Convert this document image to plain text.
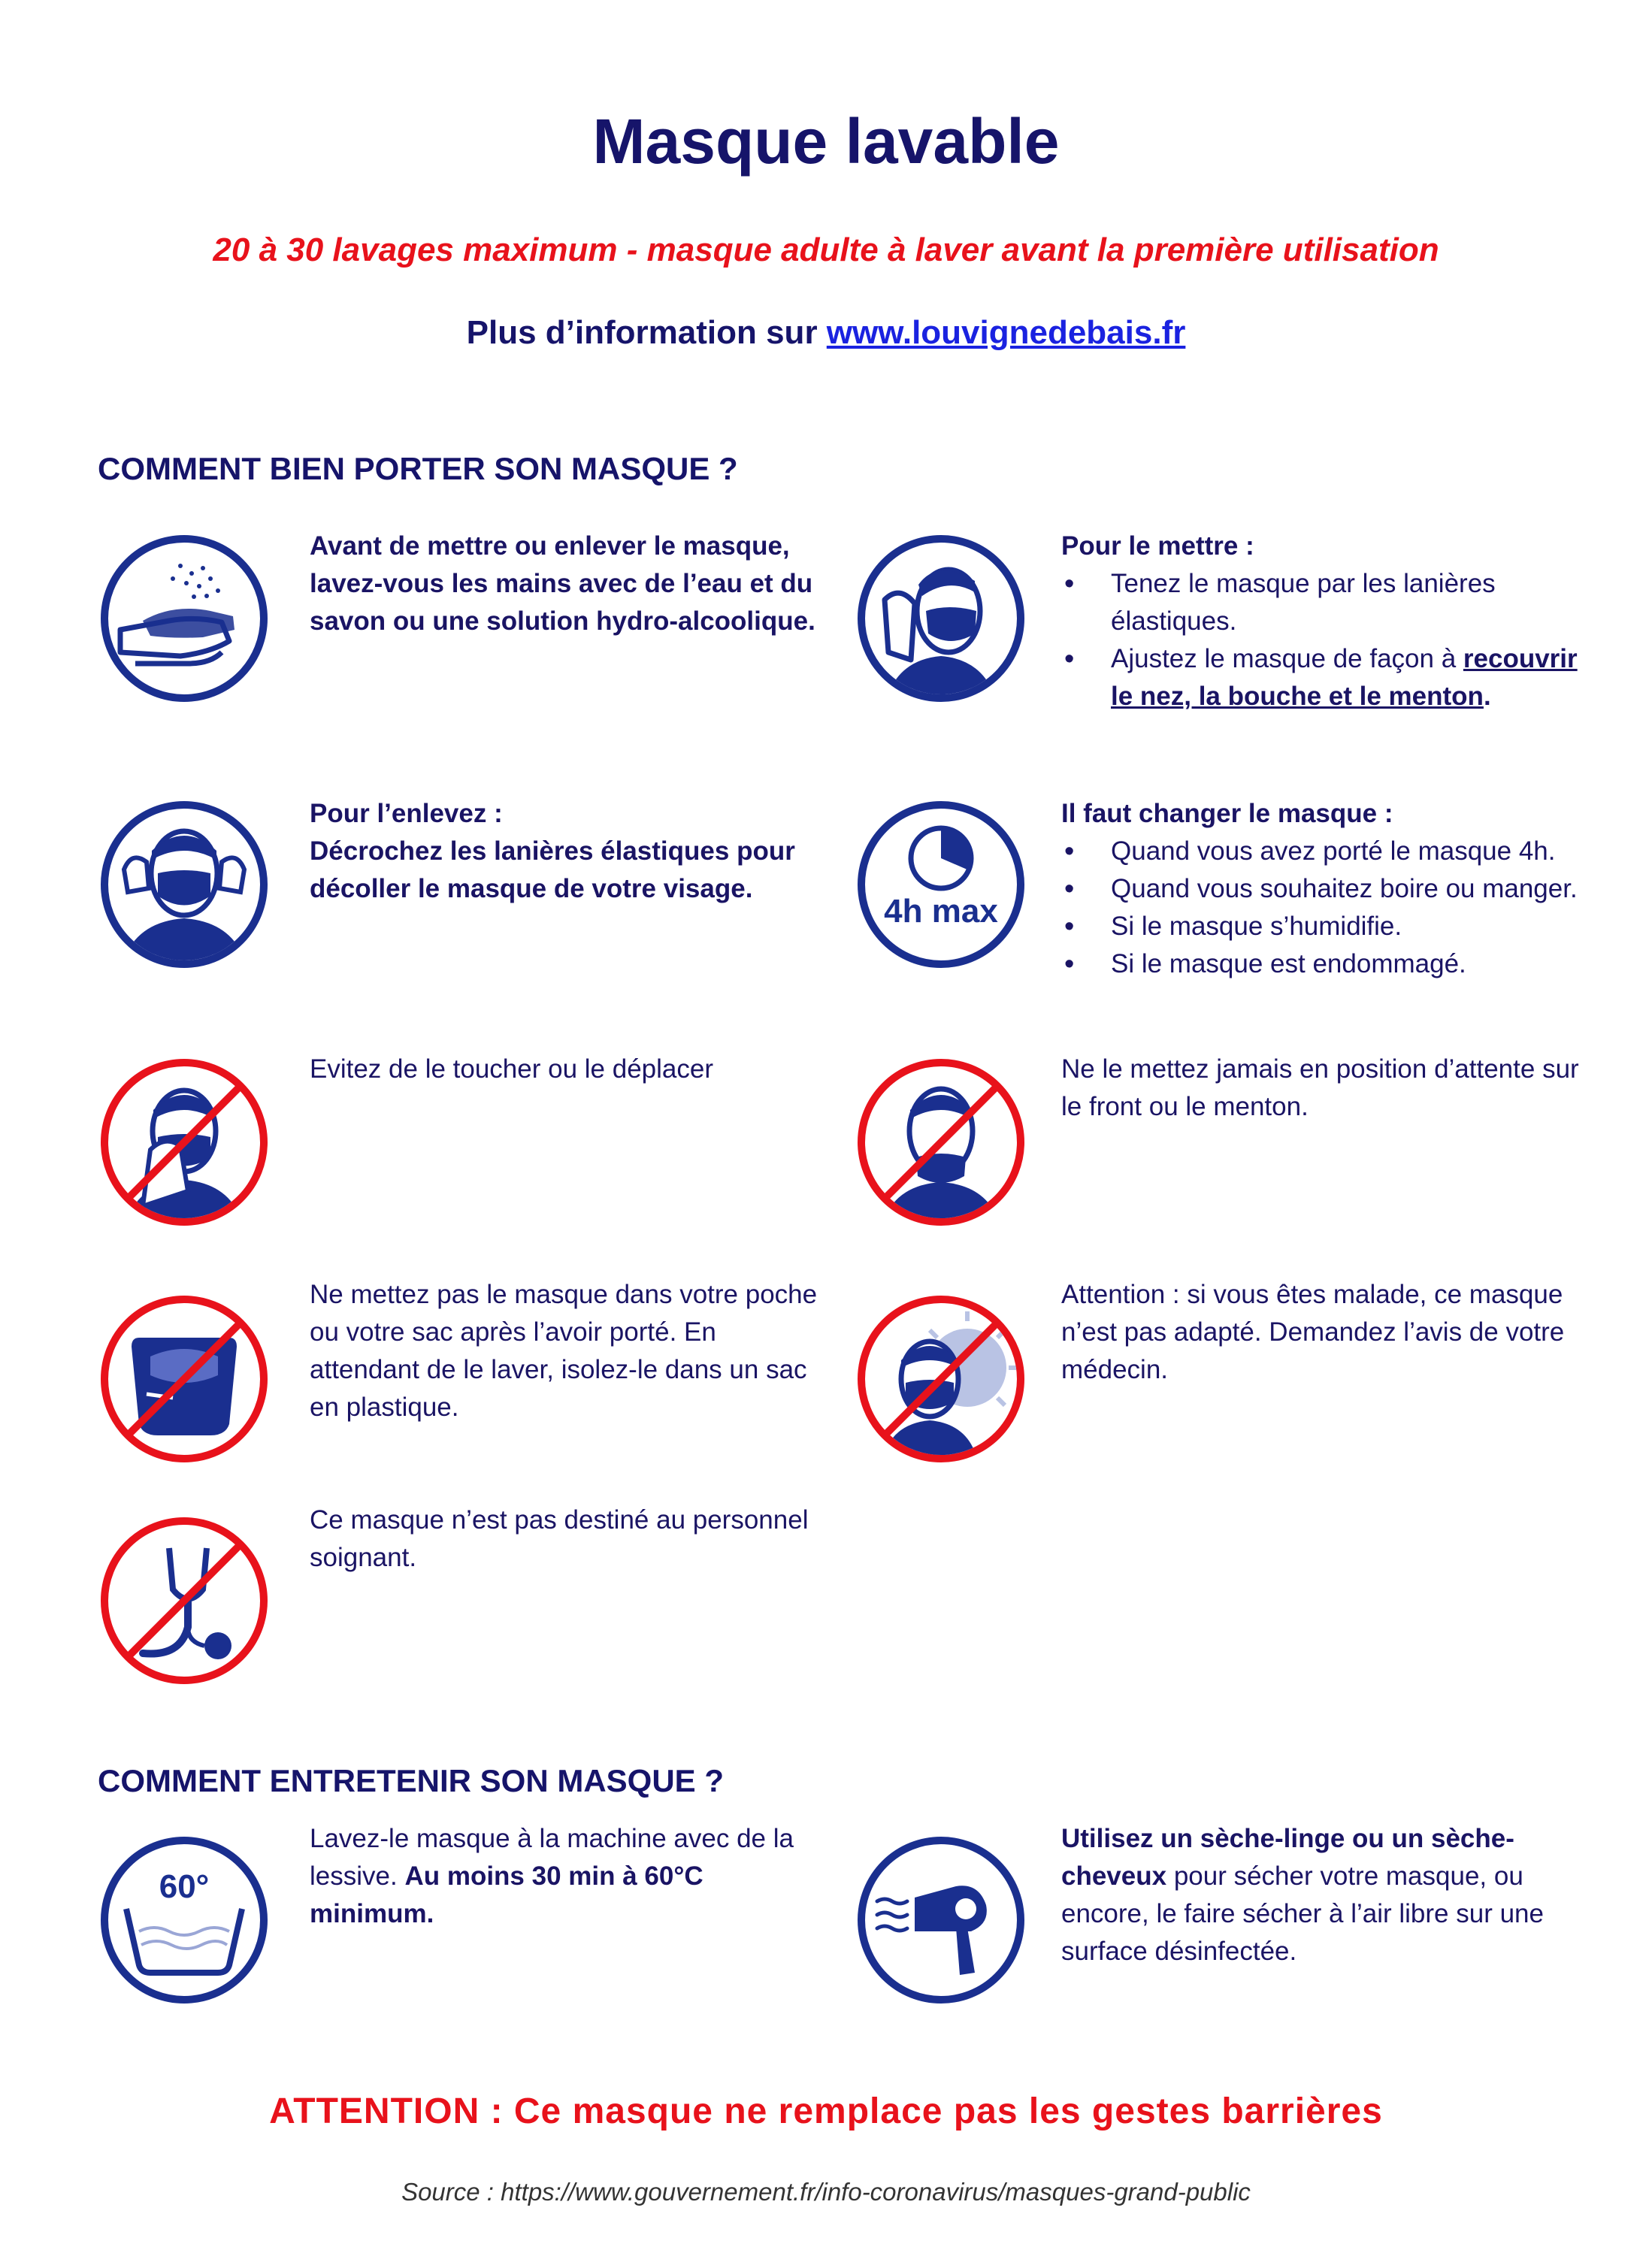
Masque lavable
20 à 30 lavages maximum - masque adulte à laver avant la première utilisation
Plus d’information sur www.louvignedebais.fr
COMMENT BIEN PORTER SON MASQUE ?
Avant de mettre ou enlever le masque, lavez-vous les mains avec de l’eau et du savon ou une solution hydro-alcoolique.
Pour le mettre :
• Tenez le masque par les lanières élastiques.
• Ajustez le masque de façon à recouvrir le nez, la bouche et le menton.
Pour l’enlevez :
Décrochez les lanières élastiques pour décoller le masque de votre visage.
4h max
Il faut changer le masque :
• Quand vous avez porté le masque 4h.
• Quand vous souhaitez boire ou manger.
• Si le masque s’humidifie.
• Si le masque est endommagé.
Evitez de le toucher ou le déplacer	Ne le mettez jamais en position d’attente sur le front ou le menton.
Ne mettez pas le masque dans votre poche ou votre sac après l’avoir porté. En attendant de le laver, isolez-le dans un sac en plastique.
Attention : si vous êtes malade, ce masque n’est pas adapté. Demandez l’avis de votre médecin.
Ce masque n’est pas destiné au personnel soignant.
COMMENT ENTRETENIR SON MASQUE ?
60°
Lavez-le masque à la machine avec de la lessive. Au moins 30 min à 60°C minimum.
Utilisez un sèche-linge ou un sèche-cheveux pour sécher votre masque, ou encore, le faire sécher à l’air libre sur une surface désinfectée.
ATTENTION : Ce masque ne remplace pas les gestes barrières
Source : https://www.gouvernement.fr/info-coronavirus/masques-grand-public
